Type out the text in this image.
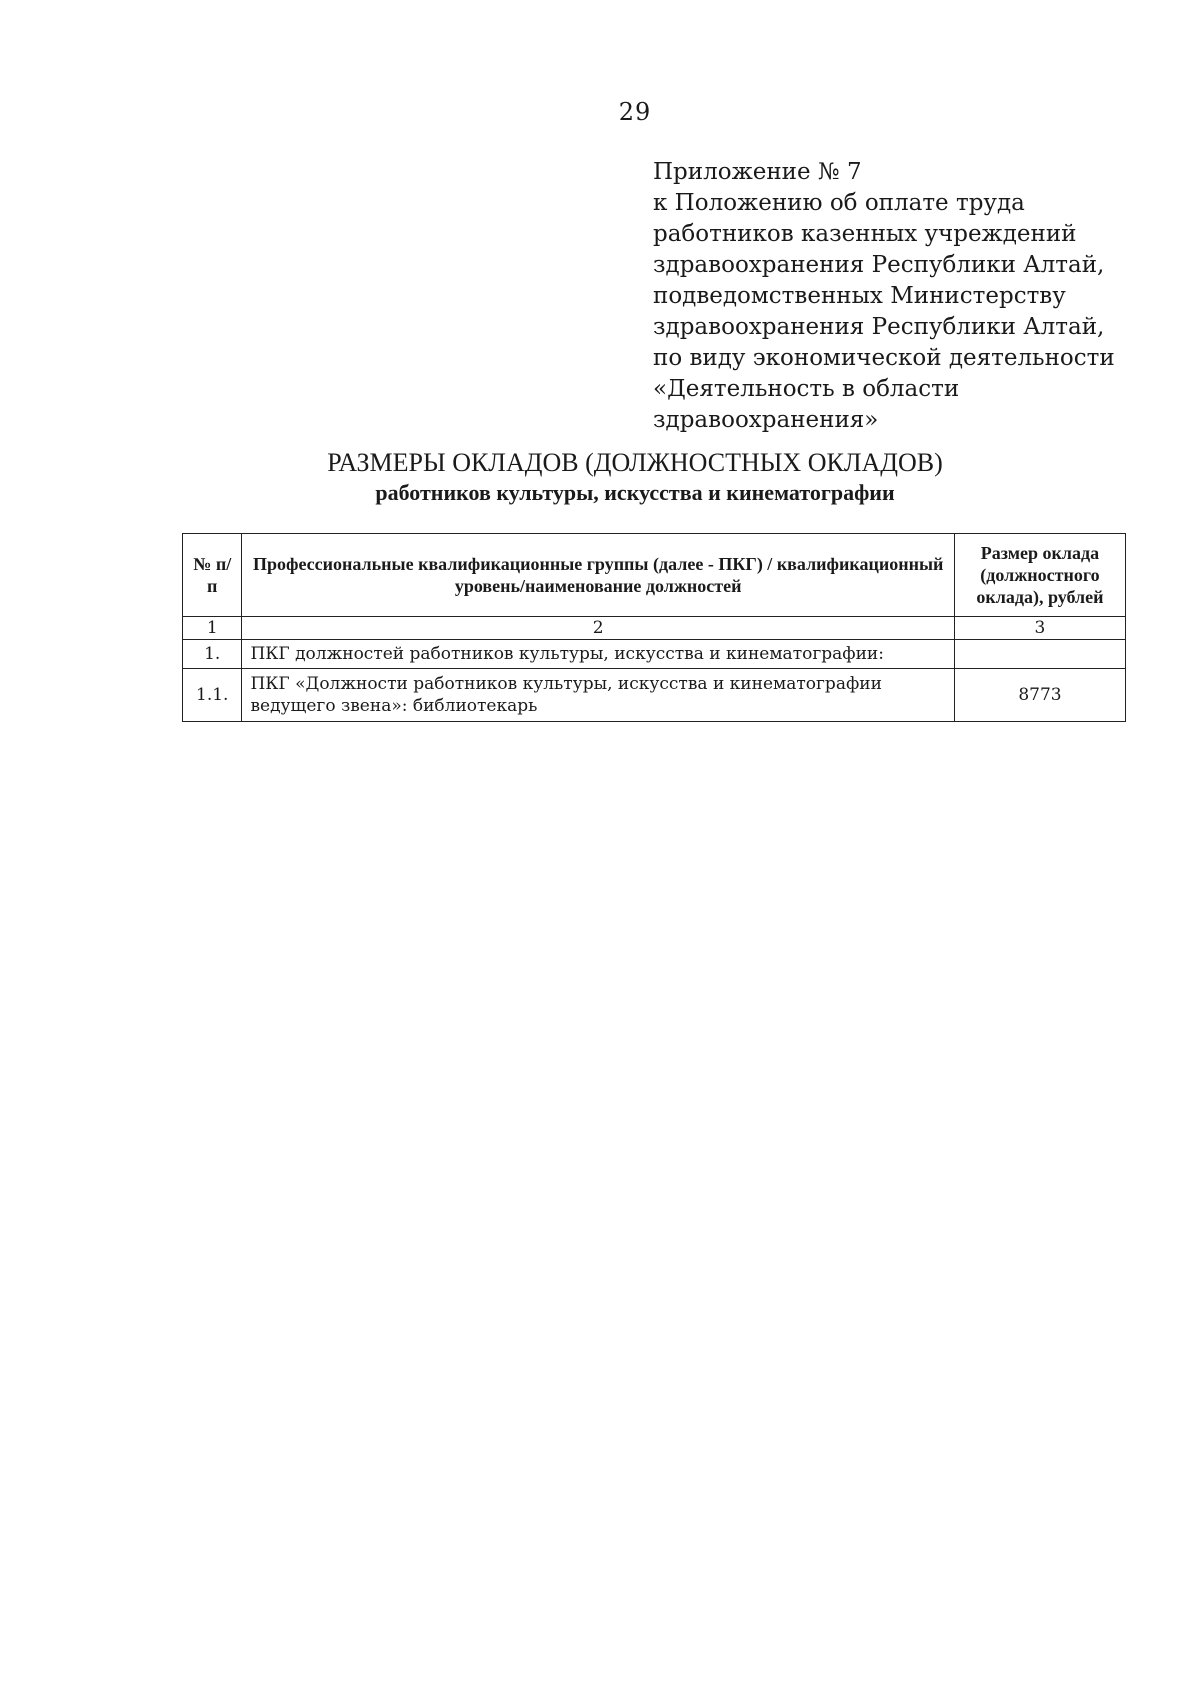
29
Приложение № 7
к Положению об оплате труда
работников казенных учреждений
здравоохранения Республики Алтай,
подведомственных Министерству
здравоохранения Республики Алтай,
по виду экономической деятельности
«Деятельность в области
здравоохранения»
РАЗМЕРЫ ОКЛАДОВ (ДОЛЖНОСТНЫХ ОКЛАДОВ)
работников культуры, искусства и кинематографии
№ п/п	Профессиональные квалификационные группы (далее - ПКГ) / квалификационный уровень/наименование должностей	Размер оклада (должностного оклада), рублей
1	2	3
1.	ПКГ должностей работников культуры, искусства и кинематографии:	
1.1.	ПКГ «Должности работников культуры, искусства и кинематографии ведущего звена»: библиотекарь	8773
